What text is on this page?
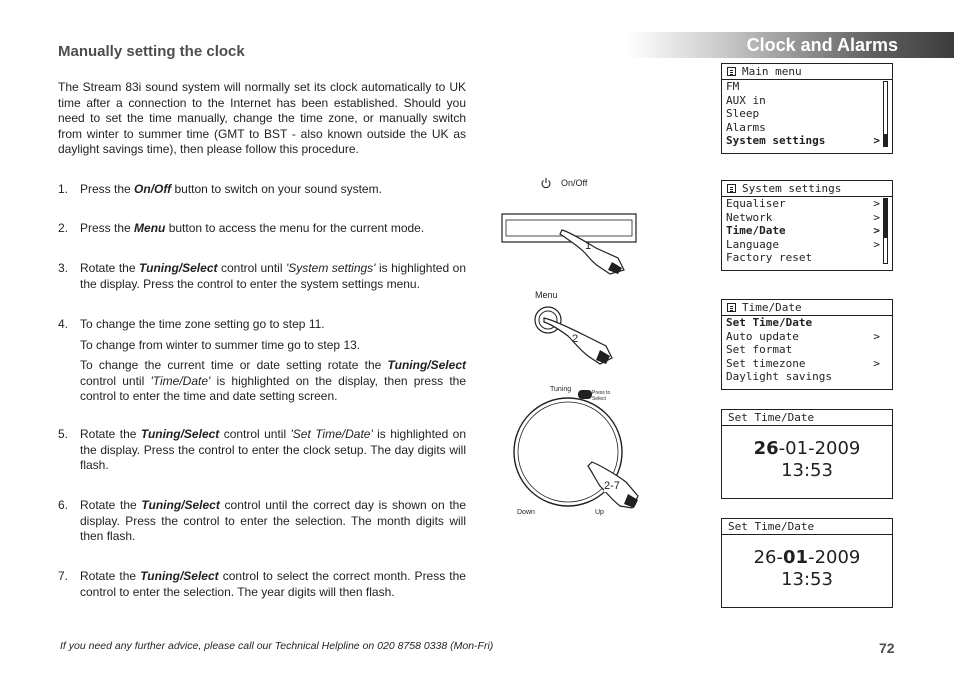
Clock and Alarms
Manually setting the clock
The Stream 83i sound system will normally set its clock automatically to UK time after a connection to the Internet has been established. Should you need to set the time manually, change the time zone, or manually switch from winter to summer time (GMT to BST - also known outside the UK as daylight savings time), then please follow this procedure.
1. Press the On/Off button to switch on your sound system.
2. Press the Menu button to access the menu for the current mode.
3. Rotate the Tuning/Select control until 'System settings' is highlighted on the display. Press the control to enter the system settings menu.
4. To change the time zone setting go to step 11.

To change from winter to summer time go to step 13.

To change the current time or date setting rotate the Tuning/Select control until 'Time/Date' is highlighted on the display, then press the control to enter the time and date setting screen.

5. Rotate the Tuning/Select control until 'Set Time/Date' is highlighted on the display. Press the control to enter the clock setup. The day digits will flash.
6. Rotate the Tuning/Select control until the correct day is shown on the display. Press the control to enter the selection. The month digits will then flash.
7. Rotate the Tuning/Select control to select the correct month. Press the control to enter the selection. The year digits will then flash.
On/Off
1
Menu
2
Tuning	Press to Select
2-7
Down	Up
Main menu
FM
AUX in
Sleep
Alarms
System settings	>
System settings
Equaliser	>
Network	>
Time/Date	>
Language	>
Factory reset
Time/Date
Set Time/Date
Auto update	>
Set format
Set timezone	>
Daylight savings
Set Time/Date
26-01-2009
13:53
Set Time/Date
26-01-2009
13:53
If you need any further advice, please call our Technical Helpline on 020 8758 0338 (Mon-Fri)	72
